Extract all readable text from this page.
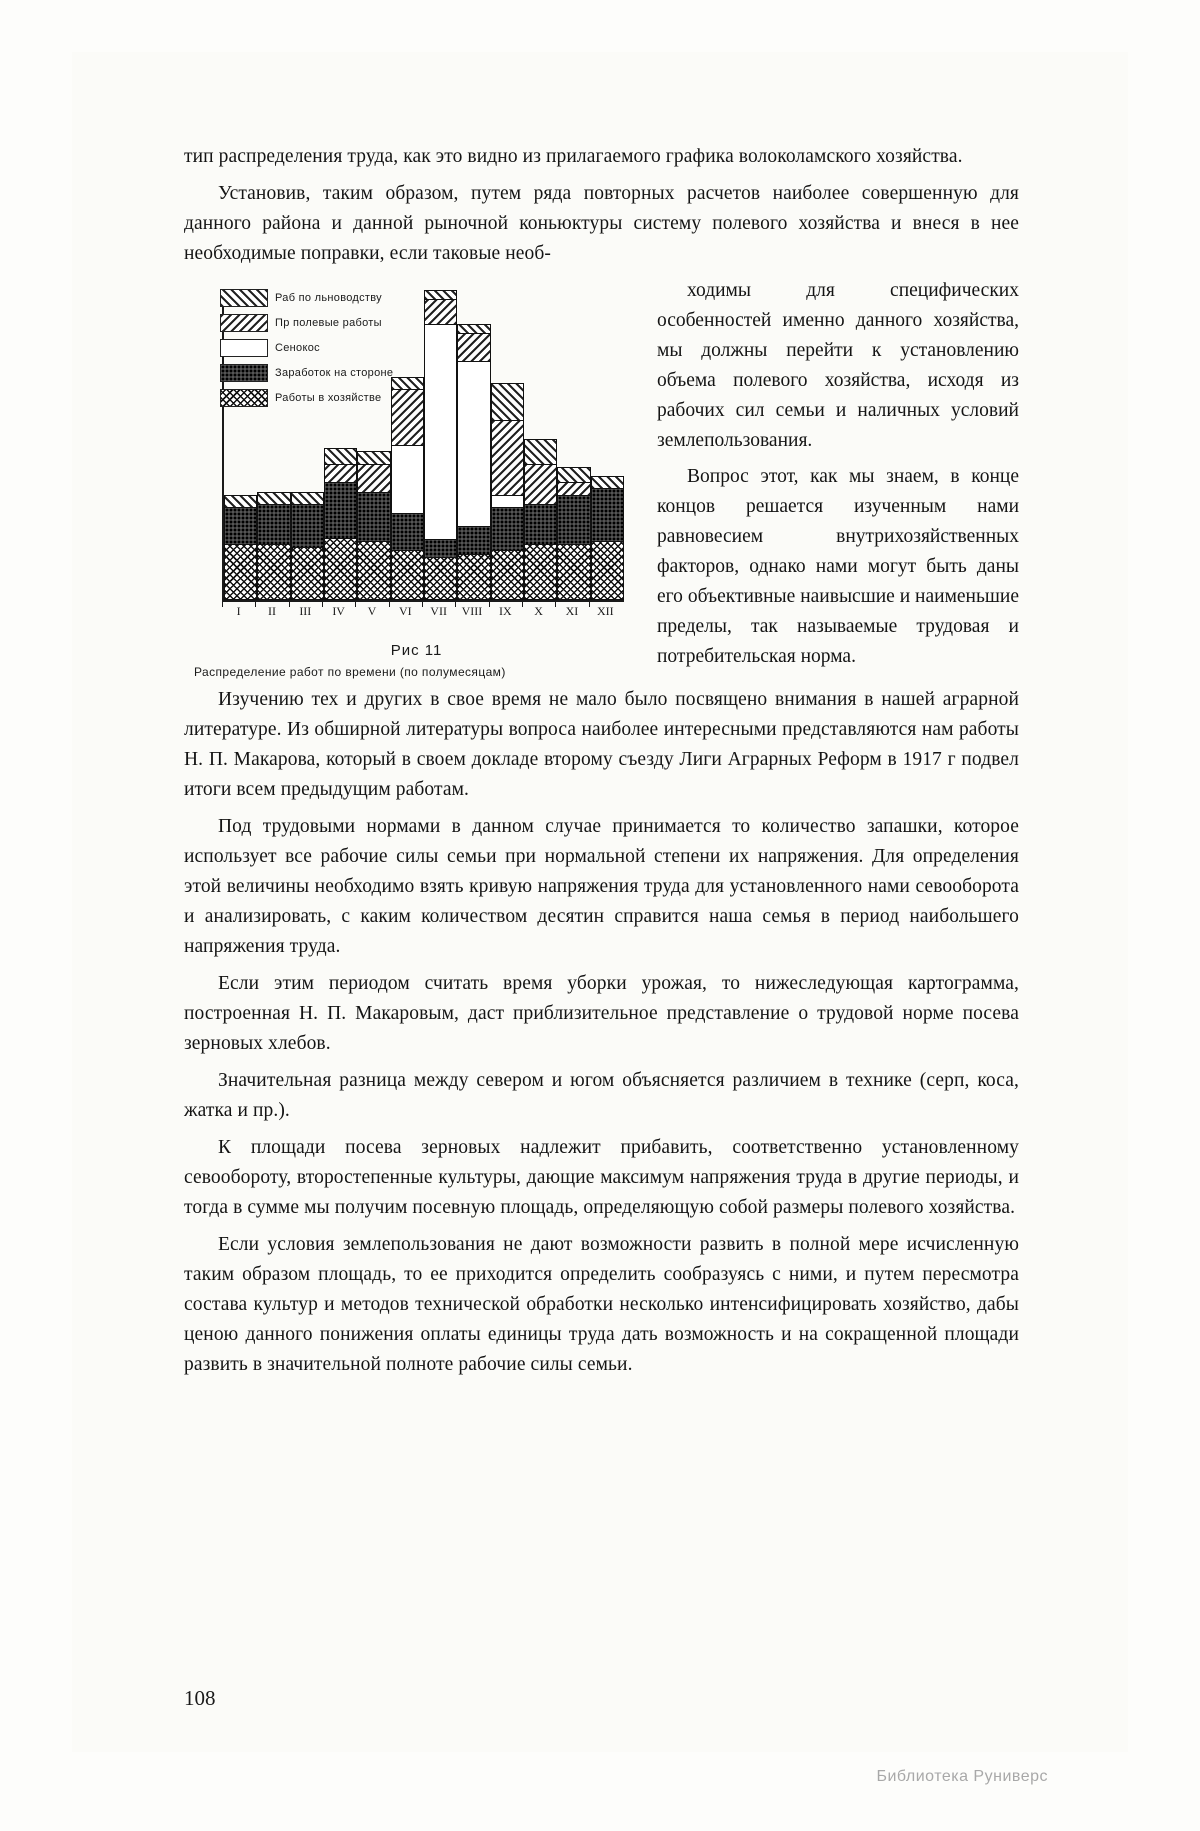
тип распределения труда, как это видно из прилагаемого графика волоколамского хозяйства.

Установив, таким образом, путем ряда повторных расчетов наиболее совершенную для данного района и данной рыночной коньюктуры систему полевого хозяйства и внеся в нее необходимые поправки, если таковые необ-

Раб по льноводству
Пр полевые работы
Сенокос
Заработок на стороне
Работы в хозяйстве
I	II	III	IV	V	VI	VII	VIII	IX	X	XI	XII
Рис 11
Распределение работ по времени (по полумесяцам)

ходимы для специфических особенностей именно данного хозяйства, мы должны перейти к установлению объема полевого хозяйства, исходя из рабочих сил семьи и наличных условий землепользования.

Вопрос этот, как мы знаем, в конце концов решается изученным нами равновесием внутрихозяйственных факторов, однако нами могут быть даны его объективные наивысшие и наименьшие пределы, так называемые трудовая и потребительская норма.

Изучению тех и других в свое время не мало было посвящено внимания в нашей аграрной литературе. Из обширной литературы вопроса наиболее интересными представляются нам работы Н. П. Макарова, который в своем докладе второму съезду Лиги Аграрных Реформ в 1917 г подвел итоги всем предыдущим работам.

Под трудовыми нормами в данном случае принимается то количество запашки, которое использует все рабочие силы семьи при нормальной степени их напряжения. Для определения этой величины необходимо взять кривую напряжения труда для установленного нами севооборота и анализировать, с каким количеством десятин справится наша семья в период наибольшего напряжения труда.

Если этим периодом считать время уборки урожая, то нижеследующая картограмма, построенная Н. П. Макаровым, даст приблизительное представление о трудовой норме посева зерновых хлебов.

Значительная разница между севером и югом объясняется различием в технике (серп, коса, жатка и пр.).

К площади посева зерновых надлежит прибавить, соответственно установленному севообороту, второстепенные культуры, дающие максимум напряжения труда в другие периоды, и тогда в сумме мы получим посевную площадь, определяющую собой размеры полевого хозяйства.

Если условия землепользования не дают возможности развить в полной мере исчисленную таким образом площадь, то ее приходится определить сообразуясь с ними, и путем пересмотра состава культур и методов технической обработки несколько интенсифицировать хозяйство, дабы ценою данного понижения оплаты единицы труда дать возможность и на сокращенной площади развить в значительной полноте рабочие силы семьи.

108
Библиотека Руниверс
